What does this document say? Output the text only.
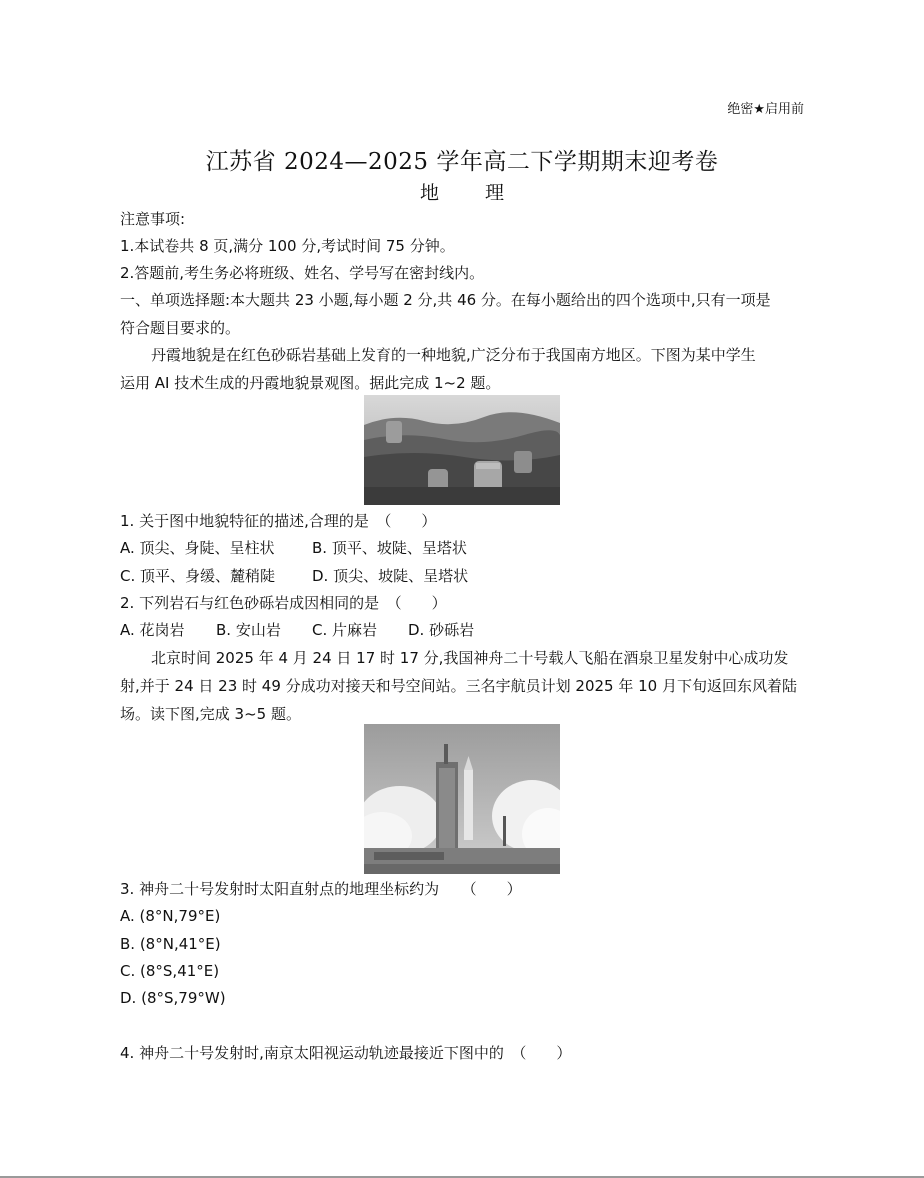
绝密★启用前
江苏省 2024—2025 学年高二下学期期末迎考卷
地 理
注意事项:
1.本试卷共 8 页,满分 100 分,考试时间 75 分钟。
2.答题前,考生务必将班级、姓名、学号写在密封线内。
一、单项选择题:本大题共 23 小题,每小题 2 分,共 46 分。在每小题给出的四个选项中,只有一项是
符合题目要求的。
丹霞地貌是在红色砂砾岩基础上发育的一种地貌,广泛分布于我国南方地区。下图为某中学生
运用 AI 技术生成的丹霞地貌景观图。据此完成 1~2 题。
1. 关于图中地貌特征的描述,合理的是　（　　）
A. 顶尖、身陡、呈柱状 B. 顶平、坡陡、呈塔状
C. 顶平、身缓、麓稍陡 D. 顶尖、坡陡、呈塔状
2. 下列岩石与红色砂砾岩成因相同的是　（　　）
A. 花岗岩 B. 安山岩 C. 片麻岩 D. 砂砾岩
北京时间 2025 年 4 月 24 日 17 时 17 分,我国神舟二十号载人飞船在酒泉卫星发射中心成功发
射,并于 24 日 23 时 49 分成功对接天和号空间站。三名宇航员计划 2025 年 10 月下旬返回东风着陆
场。读下图,完成 3~5 题。
3. 神舟二十号发射时太阳直射点的地理坐标约为　　（　　）
A. (8°N,79°E)
B. (8°N,41°E)
C. (8°S,41°E)
D. (8°S,79°W)
4. 神舟二十号发射时,南京太阳视运动轨迹最接近下图中的　（　　）
